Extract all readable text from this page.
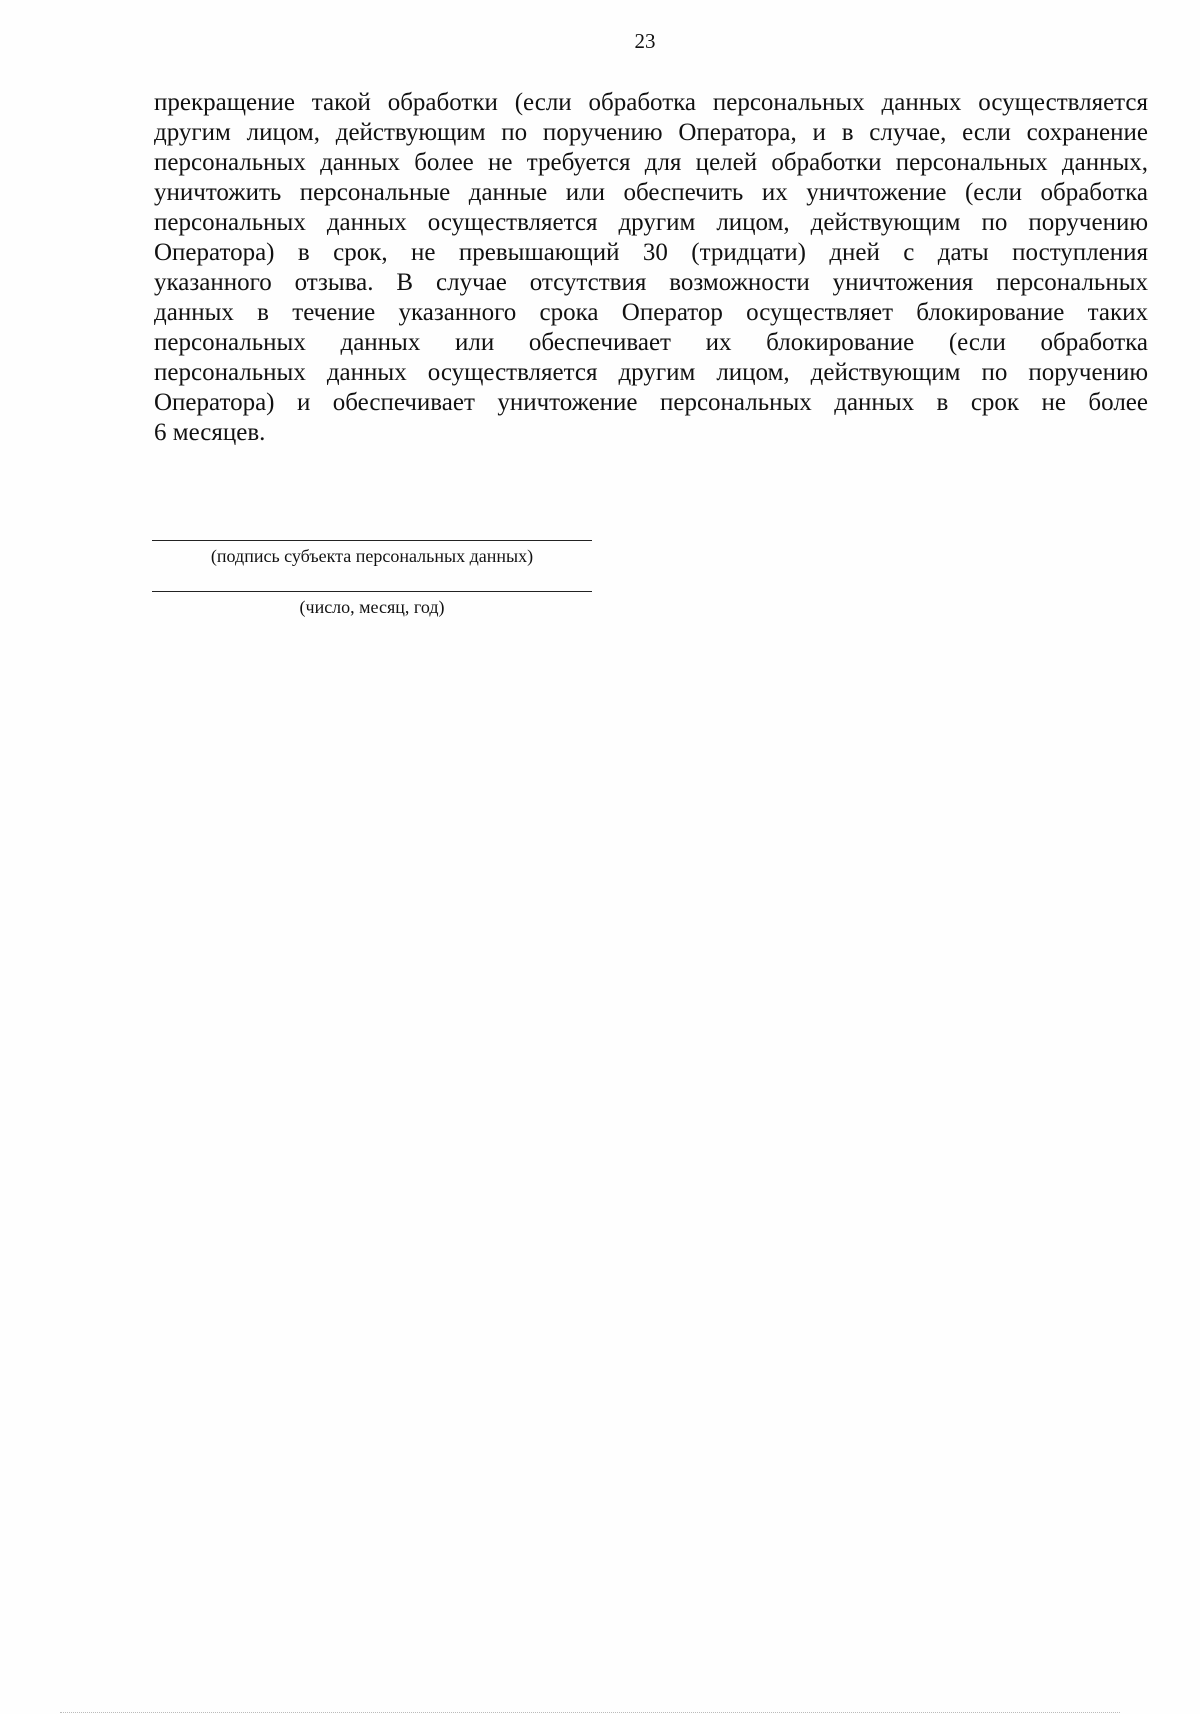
23
прекращение такой обработки (если обработка персональных данных осуществляется
другим лицом, действующим по поручению Оператора, и в случае, если сохранение
персональных данных более не требуется для целей обработки персональных данных,
уничтожить персональные данные или обеспечить их уничтожение (если обработка
персональных данных осуществляется другим лицом, действующим по поручению
Оператора) в срок, не превышающий 30 (тридцати) дней с даты поступления
указанного отзыва. В случае отсутствия возможности уничтожения персональных
данных в течение указанного срока Оператор осуществляет блокирование таких
персональных данных или обеспечивает их блокирование (если обработка
персональных данных осуществляется другим лицом, действующим по поручению
Оператора) и обеспечивает уничтожение персональных данных в срок не более
6 месяцев.
(подпись субъекта персональных данных)
(число, месяц, год)
